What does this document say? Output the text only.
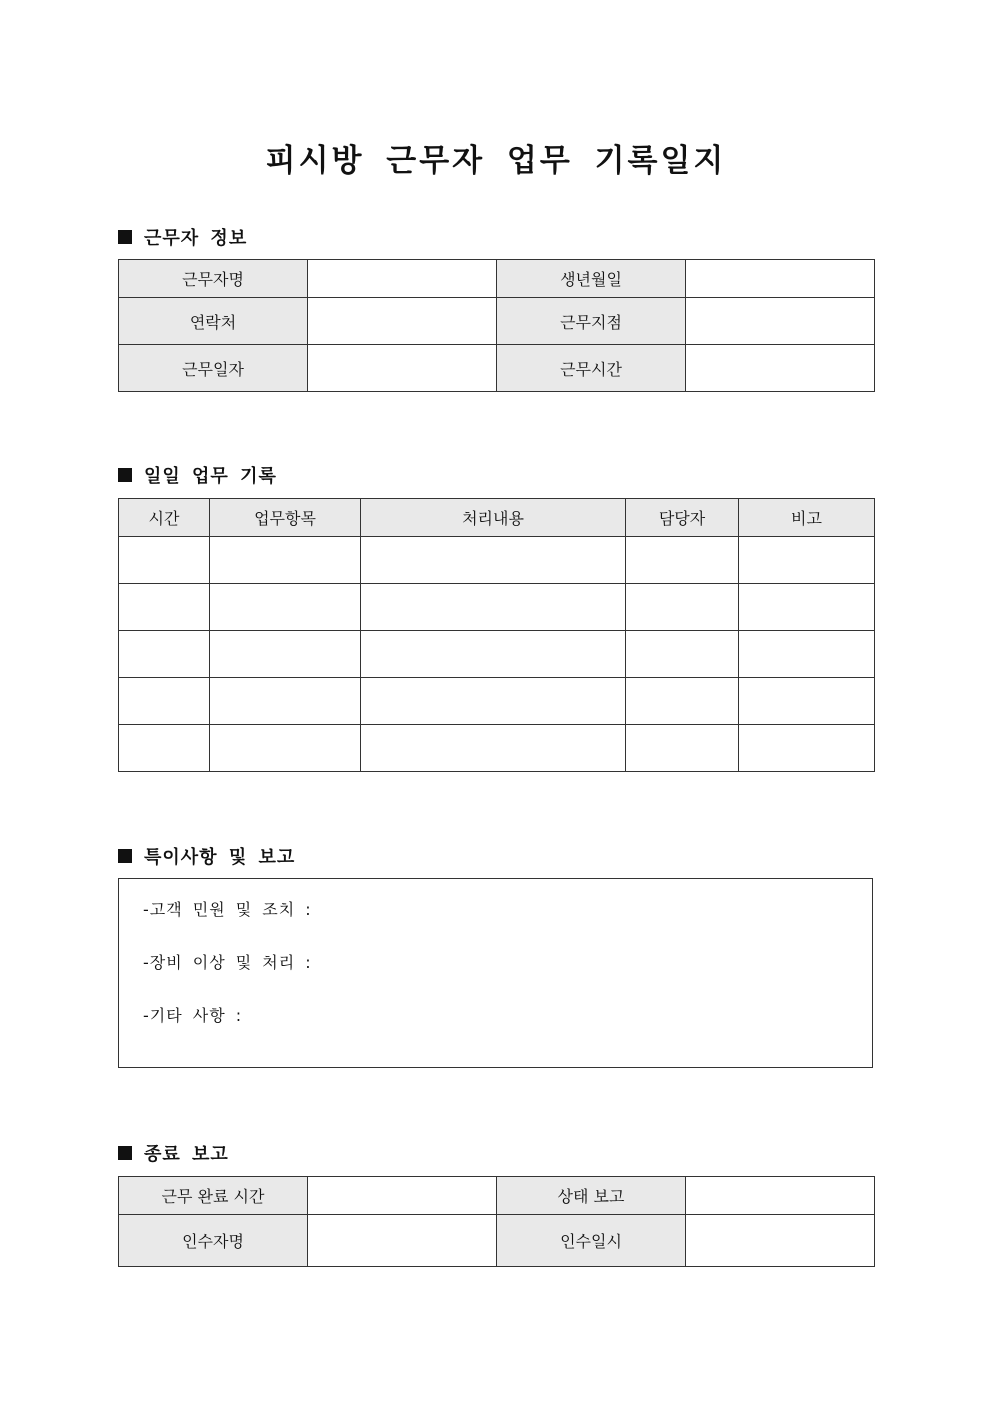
피시방 근무자 업무 기록일지
근무자 정보
근무자명		생년월일	
연락처		근무지점	
근무일자		근무시간	
일일 업무 기록
시간	업무항목	처리내용	담당자	비고

특이사항 및 보고
-고객 민원 및 조치 :
-장비 이상 및 처리 :
-기타 사항 :
종료 보고
근무 완료 시간		상태 보고	
인수자명		인수일시	
